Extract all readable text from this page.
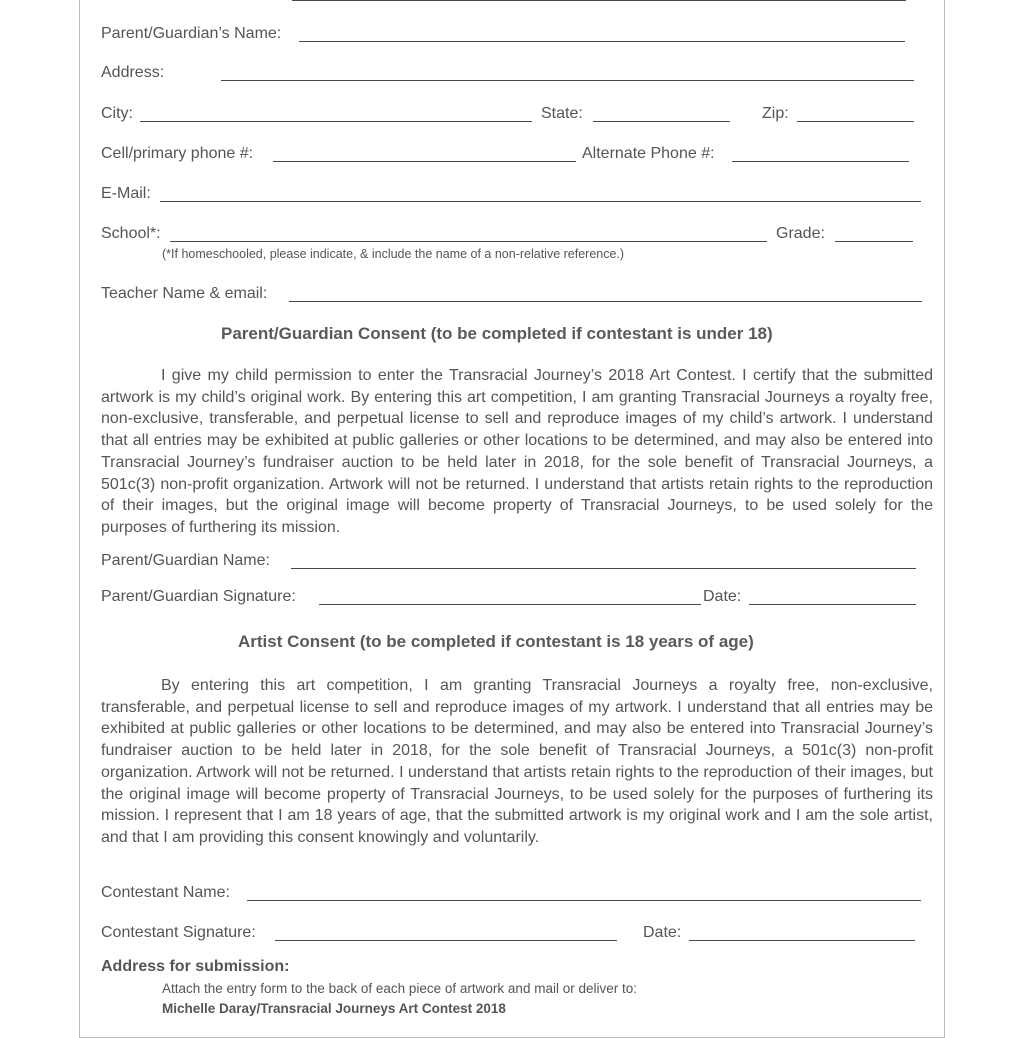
Parent/Guardian’s Name:
Address:
City:	State:	Zip:
Cell/primary phone #:	Alternate Phone #:
E-Mail:
School*:	Grade:
(*If homeschooled, please indicate, & include the name of a non-relative reference.)
Teacher Name & email:
Parent/Guardian Consent (to be completed if contestant is under 18)
I give my child permission to enter the Transracial Journey’s 2018 Art Contest. I certify that the submitted artwork is my child’s original work. By entering this art competition, I am granting Transracial Journeys a royalty free, non-exclusive, transferable, and perpetual license to sell and reproduce images of my child’s artwork. I understand that all entries may be exhibited at public galleries or other locations to be determined, and may also be entered into Transracial Journey’s fundraiser auction to be held later in 2018, for the sole benefit of Transracial Journeys, a 501c(3) non-profit organization. Artwork will not be returned. I understand that artists retain rights to the reproduction of their images, but the original image will become property of Transracial Journeys, to be used solely for the purposes of furthering its mission.
Parent/Guardian Name:
Parent/Guardian Signature:	Date:
Artist Consent (to be completed if contestant is 18 years of age)
By entering this art competition, I am granting Transracial Journeys a royalty free, non-exclusive, transferable, and perpetual license to sell and reproduce images of my artwork. I understand that all entries may be exhibited at public galleries or other locations to be determined, and may also be entered into Transracial Journey’s fundraiser auction to be held later in 2018, for the sole benefit of Transracial Journeys, a 501c(3) non-profit organization. Artwork will not be returned. I understand that artists retain rights to the reproduction of their images, but the original image will become property of Transracial Journeys, to be used solely for the purposes of furthering its mission. I represent that I am 18 years of age, that the submitted artwork is my original work and I am the sole artist, and that I am providing this consent knowingly and voluntarily.
Contestant Name:
Contestant Signature:	Date:
Address for submission:
Attach the entry form to the back of each piece of artwork and mail or deliver to:
Michelle Daray/Transracial Journeys Art Contest 2018
